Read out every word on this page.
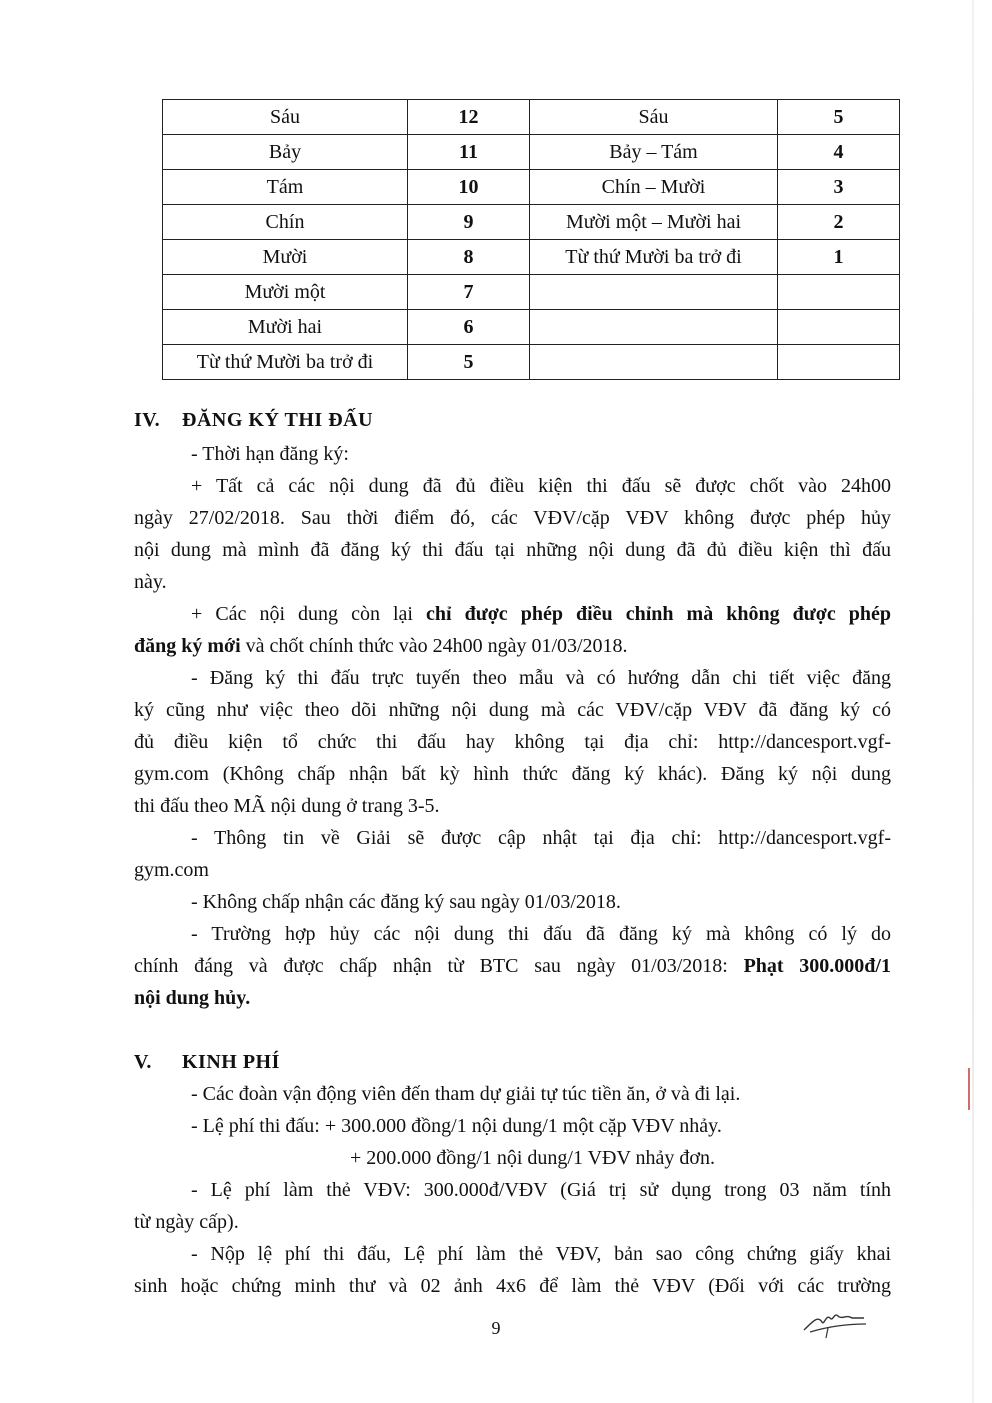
Sáu	12	Sáu	5
Bảy	11	Bảy – Tám	4
Tám	10	Chín – Mười	3
Chín	9	Mười một – Mười hai	2
Mười	8	Từ thứ Mười ba trở đi	1
Mười một	7		
Mười hai	6		
Từ thứ Mười ba trở đi	5		
IV. ĐĂNG KÝ THI ĐẤU
- Thời hạn đăng ký:
+ Tất cả các nội dung đã đủ điều kiện thi đấu sẽ được chốt vào 24h00
ngày 27/02/2018. Sau thời điểm đó, các VĐV/cặp VĐV không được phép hủy
nội dung mà mình đã đăng ký thi đấu tại những nội dung đã đủ điều kiện thì đấu
này.
+ Các nội dung còn lại chỉ được phép điều chỉnh mà không được phép
đăng ký mới và chốt chính thức vào 24h00 ngày 01/03/2018.
- Đăng ký thi đấu trực tuyến theo mẫu và có hướng dẫn chi tiết việc đăng
ký cũng như việc theo dõi những nội dung mà các VĐV/cặp VĐV đã đăng ký có
đủ điều kiện tổ chức thi đấu hay không tại địa chỉ: http://dancesport.vgf-
gym.com (Không chấp nhận bất kỳ hình thức đăng ký khác). Đăng ký nội dung
thi đấu theo MÃ nội dung ở trang 3-5.
- Thông tin về Giải sẽ được cập nhật tại địa chỉ: http://dancesport.vgf-
gym.com
- Không chấp nhận các đăng ký sau ngày 01/03/2018.
- Trường hợp hủy các nội dung thi đấu đã đăng ký mà không có lý do
chính đáng và được chấp nhận từ BTC sau ngày 01/03/2018: Phạt 300.000đ/1
nội dung hủy.
V. KINH PHÍ
- Các đoàn vận động viên đến tham dự giải tự túc tiền ăn, ở và đi lại.
- Lệ phí thi đấu: + 300.000 đồng/1 nội dung/1 một cặp VĐV nhảy.
+ 200.000 đồng/1 nội dung/1 VĐV nhảy đơn.
- Lệ phí làm thẻ VĐV: 300.000đ/VĐV (Giá trị sử dụng trong 03 năm tính
từ ngày cấp).
- Nộp lệ phí thi đấu, Lệ phí làm thẻ VĐV, bản sao công chứng giấy khai
sinh hoặc chứng minh thư và 02 ảnh 4x6 để làm thẻ VĐV (Đối với các trường
9
